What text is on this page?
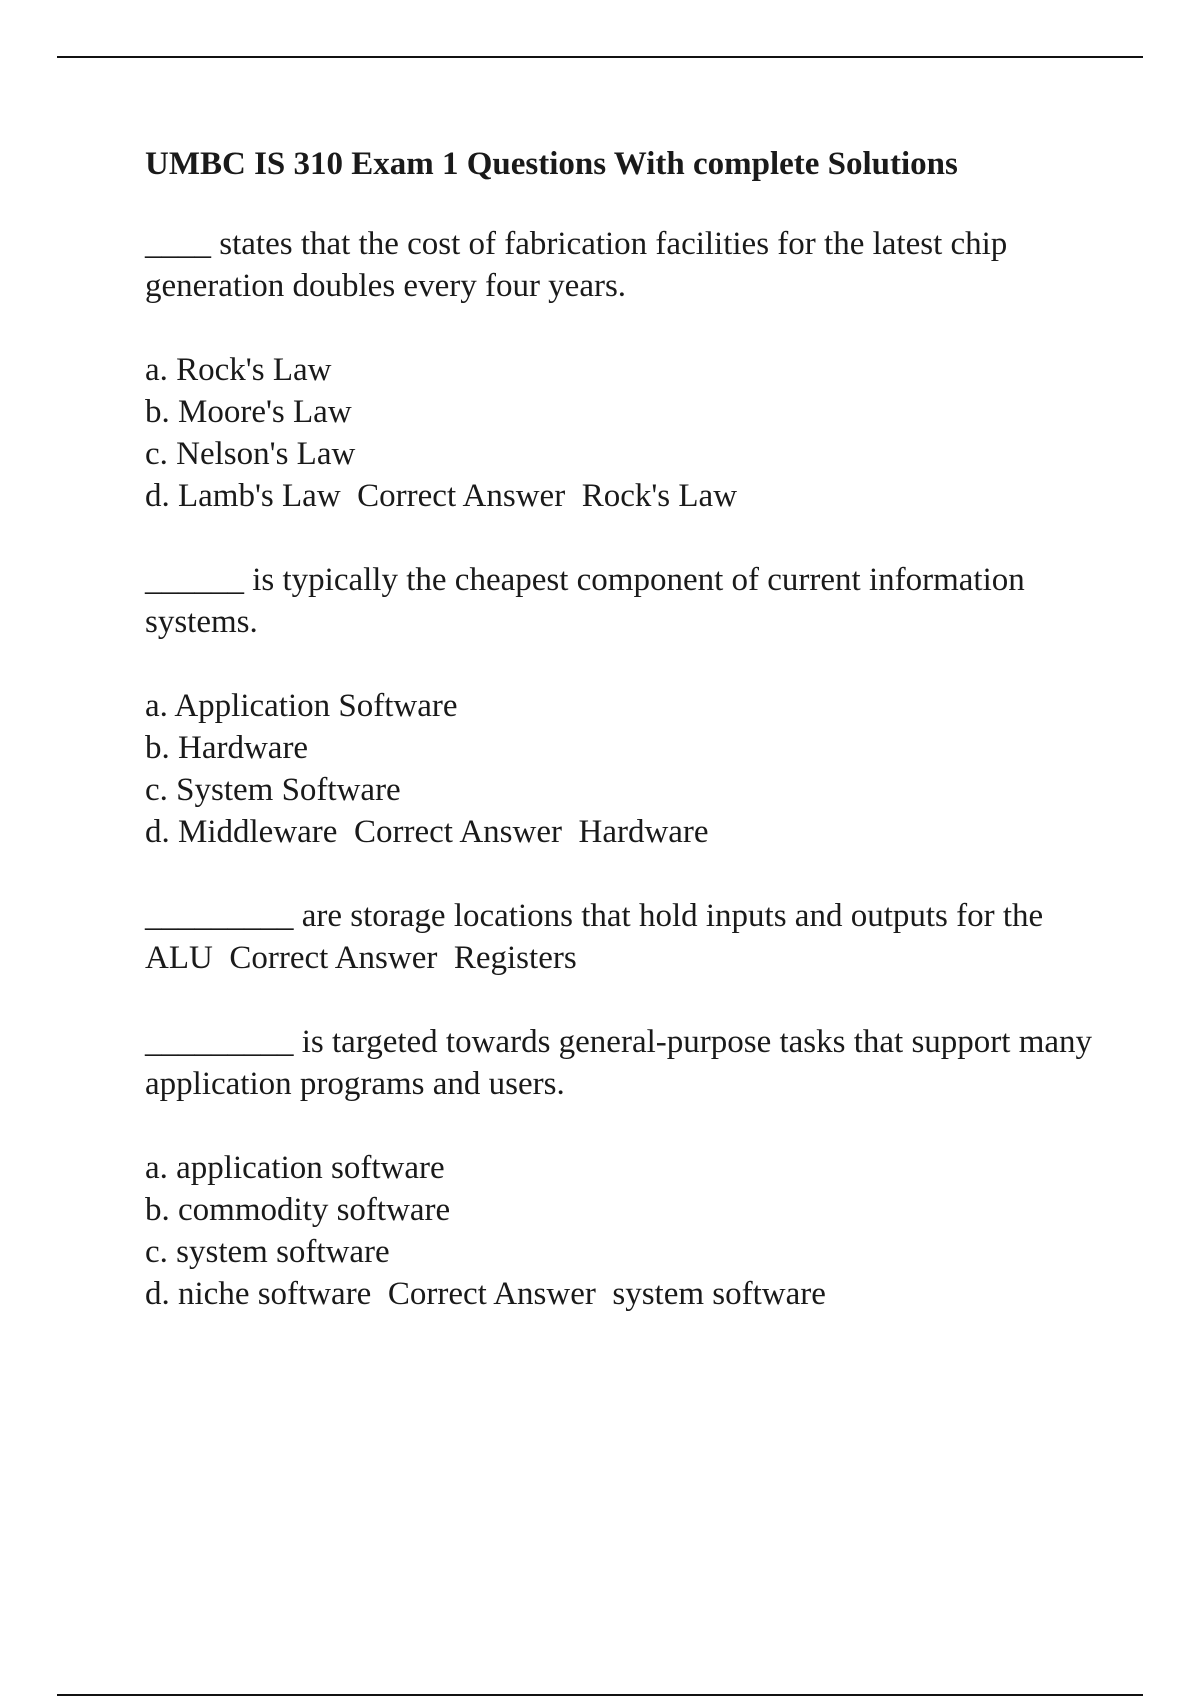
UMBC IS 310 Exam 1 Questions With complete Solutions

____ states that the cost of fabrication facilities for the latest chip generation doubles every four years.

a. Rock's Law
b. Moore's Law
c. Nelson's Law
d. Lamb's Law Correct Answer Rock's Law

______ is typically the cheapest component of current information systems.

a. Application Software
b. Hardware
c. System Software
d. Middleware Correct Answer Hardware

_________ are storage locations that hold inputs and outputs for the ALU Correct Answer Registers

_________ is targeted towards general-purpose tasks that support many application programs and users.

a. application software
b. commodity software
c. system software
d. niche software Correct Answer system software
